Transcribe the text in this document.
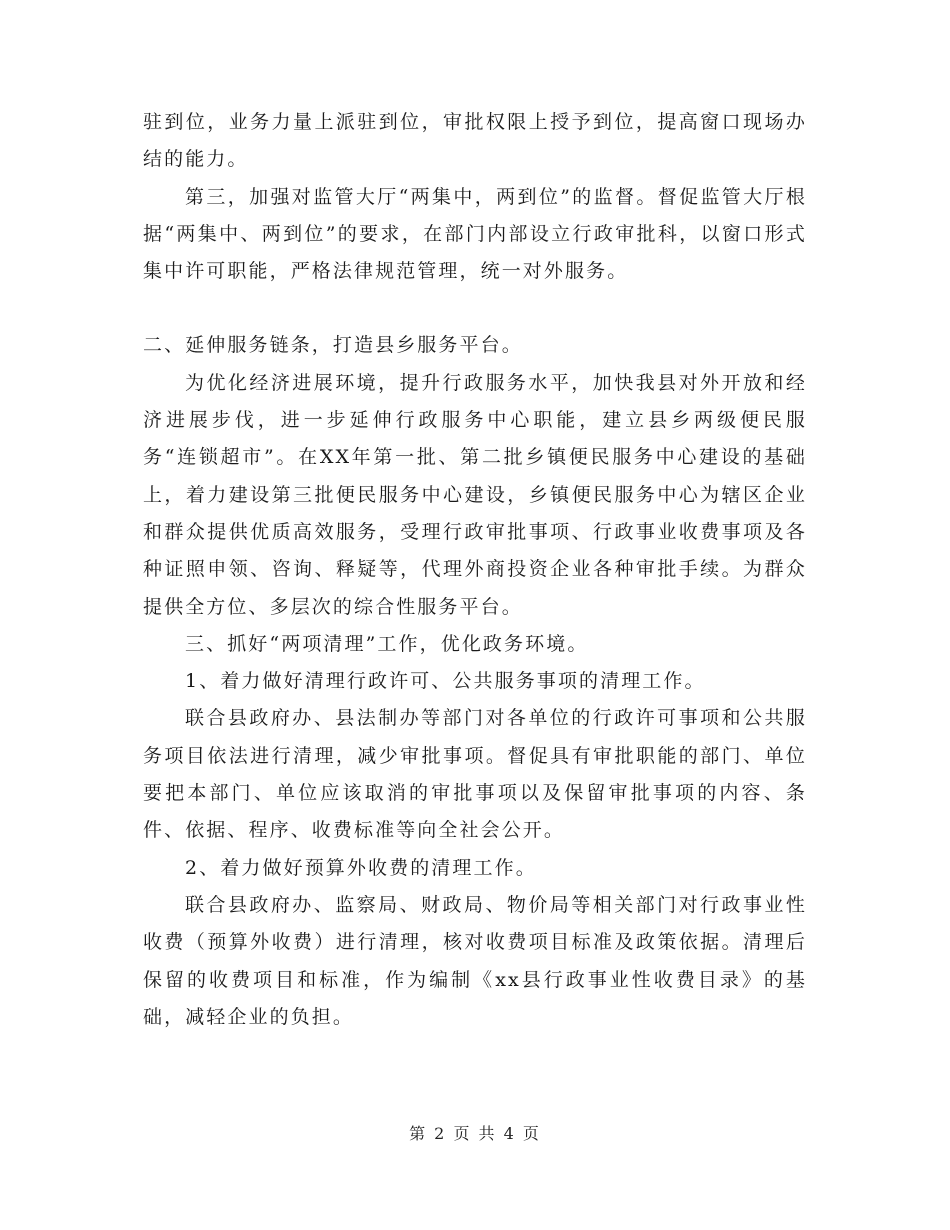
驻到位，业务力量上派驻到位，审批权限上授予到位，提高窗口现场办结的能力。

第三，加强对监管大厅“两集中，两到位”的监督。督促监管大厅根据“两集中、两到位”的要求，在部门内部设立行政审批科，以窗口形式集中许可职能，严格法律规范管理，统一对外服务。

二、延伸服务链条，打造县乡服务平台。

为优化经济进展环境，提升行政服务水平，加快我县对外开放和经济进展步伐，进一步延伸行政服务中心职能，建立县乡两级便民服务“连锁超市”。在XX年第一批、第二批乡镇便民服务中心建设的基础上，着力建设第三批便民服务中心建设，乡镇便民服务中心为辖区企业和群众提供优质高效服务，受理行政审批事项、行政事业收费事项及各种证照申领、咨询、释疑等，代理外商投资企业各种审批手续。为群众提供全方位、多层次的综合性服务平台。

三、抓好“两项清理”工作，优化政务环境。

1、着力做好清理行政许可、公共服务事项的清理工作。

联合县政府办、县法制办等部门对各单位的行政许可事项和公共服务项目依法进行清理，减少审批事项。督促具有审批职能的部门、单位要把本部门、单位应该取消的审批事项以及保留审批事项的内容、条件、依据、程序、收费标准等向全社会公开。

2、着力做好预算外收费的清理工作。

联合县政府办、监察局、财政局、物价局等相关部门对行政事业性收费（预算外收费）进行清理，核对收费项目标准及政策依据。清理后保留的收费项目和标准，作为编制《xx县行政事业性收费目录》的基础，减轻企业的负担。

第 2 页 共 4 页
